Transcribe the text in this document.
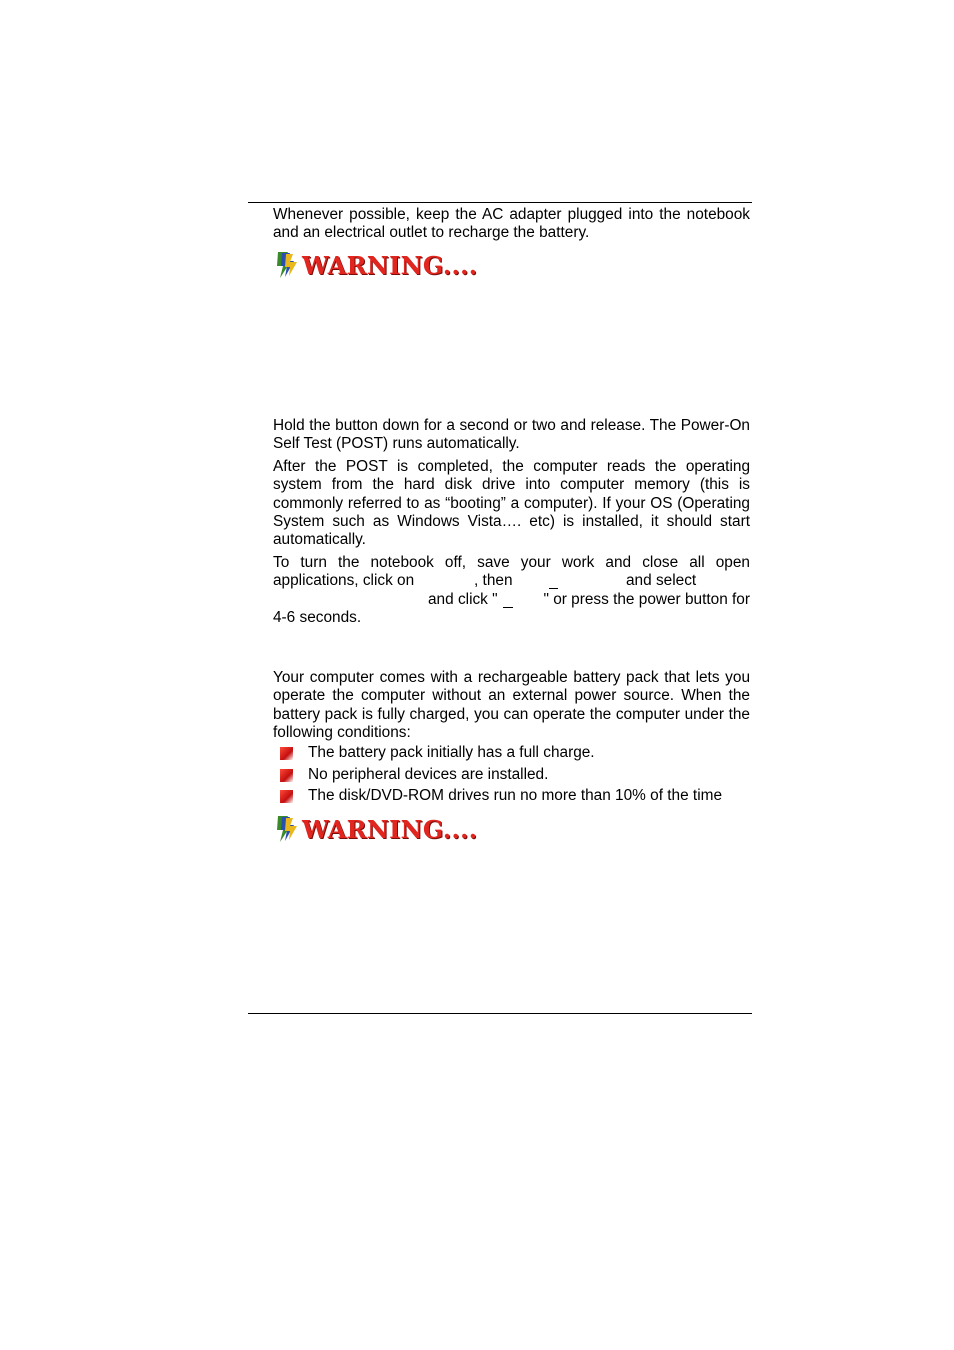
Whenever possible, keep the AC adapter plugged into the notebook and an electrical outlet to recharge the battery.

WARNING....

Hold the button down for a second or two and release. The Power-On Self Test (POST) runs automatically.

After the POST is completed, the computer reads the operating system from the hard disk drive into computer memory (this is commonly referred to as “booting” a computer). If your OS (Operating System such as Windows Vista…. etc) is installed, it should start automatically.

To turn the notebook off, save your work and close all open
applications, click on	, then	and select
and click "	" or press the power button for
4-6 seconds.

Your computer comes with a rechargeable battery pack that lets you operate the computer without an external power source. When the battery pack is fully charged, you can operate the computer under the following conditions:

The battery pack initially has a full charge.
No peripheral devices are installed.
The disk/DVD-ROM drives run no more than 10% of the time
WARNING....
